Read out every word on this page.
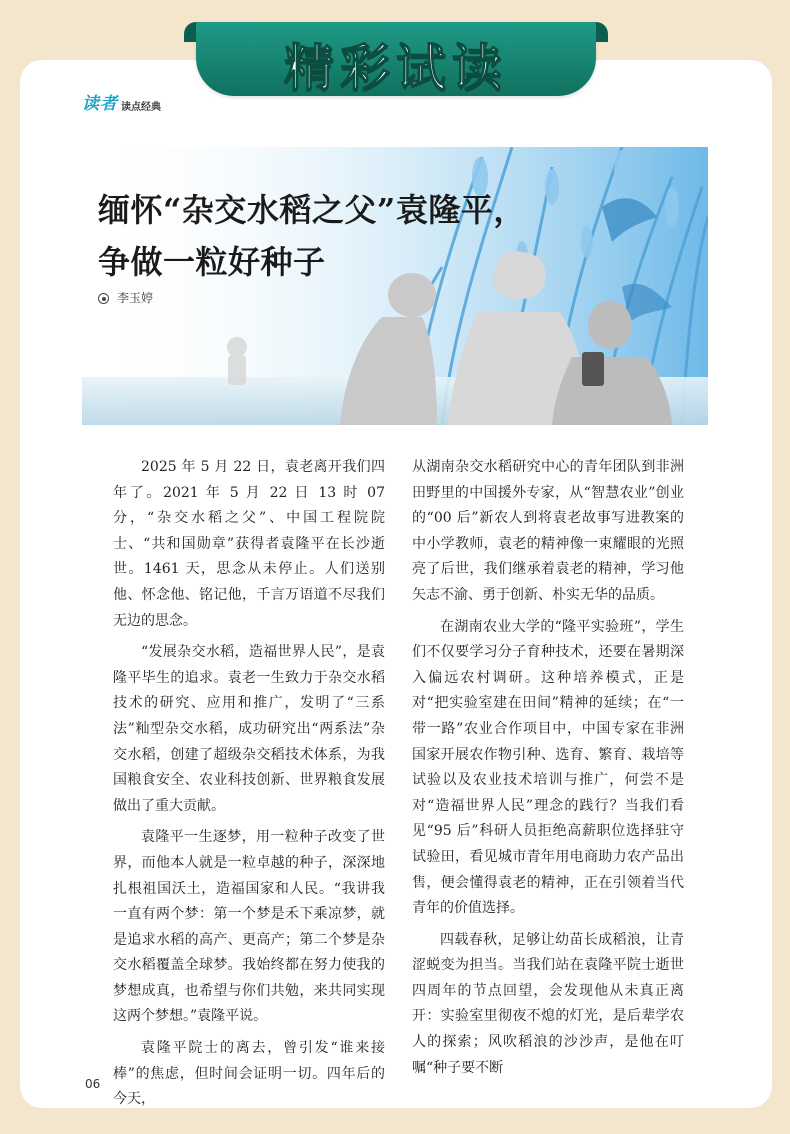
精彩试读
读者 读点经典
缅怀“杂交水稻之父”袁隆平，
争做一粒好种子
李玉婷

2025 年 5 月 22 日，袁老离开我们四年了。2021 年 5 月 22 日 13 时 07 分，“杂交水稻之父”、中国工程院院士、“共和国勋章”获得者袁隆平在长沙逝世。1461 天，思念从未停止。人们送别他、怀念他、铭记他，千言万语道不尽我们无边的思念。

“发展杂交水稻，造福世界人民”，是袁隆平毕生的追求。袁老一生致力于杂交水稻技术的研究、应用和推广，发明了“三系法”籼型杂交水稻，成功研究出“两系法”杂交水稻，创建了超级杂交稻技术体系，为我国粮食安全、农业科技创新、世界粮食发展做出了重大贡献。

袁隆平一生逐梦，用一粒种子改变了世界，而他本人就是一粒卓越的种子，深深地扎根祖国沃土，造福国家和人民。“我讲我一直有两个梦：第一个梦是禾下乘凉梦，就是追求水稻的高产、更高产；第二个梦是杂交水稻覆盖全球梦。我始终都在努力使我的梦想成真，也希望与你们共勉，来共同实现这两个梦想。”袁隆平说。

袁隆平院士的离去，曾引发“谁来接棒”的焦虑，但时间会证明一切。四年后的今天，

从湖南杂交水稻研究中心的青年团队到非洲田野里的中国援外专家，从“智慧农业”创业的“00 后”新农人到将袁老故事写进教案的中小学教师，袁老的精神像一束耀眼的光照亮了后世，我们继承着袁老的精神，学习他矢志不渝、勇于创新、朴实无华的品质。

在湖南农业大学的“隆平实验班”，学生们不仅要学习分子育种技术，还要在暑期深入偏远农村调研。这种培养模式，正是对“把实验室建在田间”精神的延续；在“一带一路”农业合作项目中，中国专家在非洲国家开展农作物引种、选育、繁育、栽培等试验以及农业技术培训与推广，何尝不是对“造福世界人民”理念的践行？当我们看见“95 后”科研人员拒绝高薪职位选择驻守试验田，看见城市青年用电商助力农产品出售，便会懂得袁老的精神，正在引领着当代青年的价值选择。

四载春秋，足够让幼苗长成稻浪，让青涩蜕变为担当。当我们站在袁隆平院士逝世四周年的节点回望，会发现他从未真正离开：实验室里彻夜不熄的灯光，是后辈学农人的探索；风吹稻浪的沙沙声，是他在叮嘱“种子要不断

06
